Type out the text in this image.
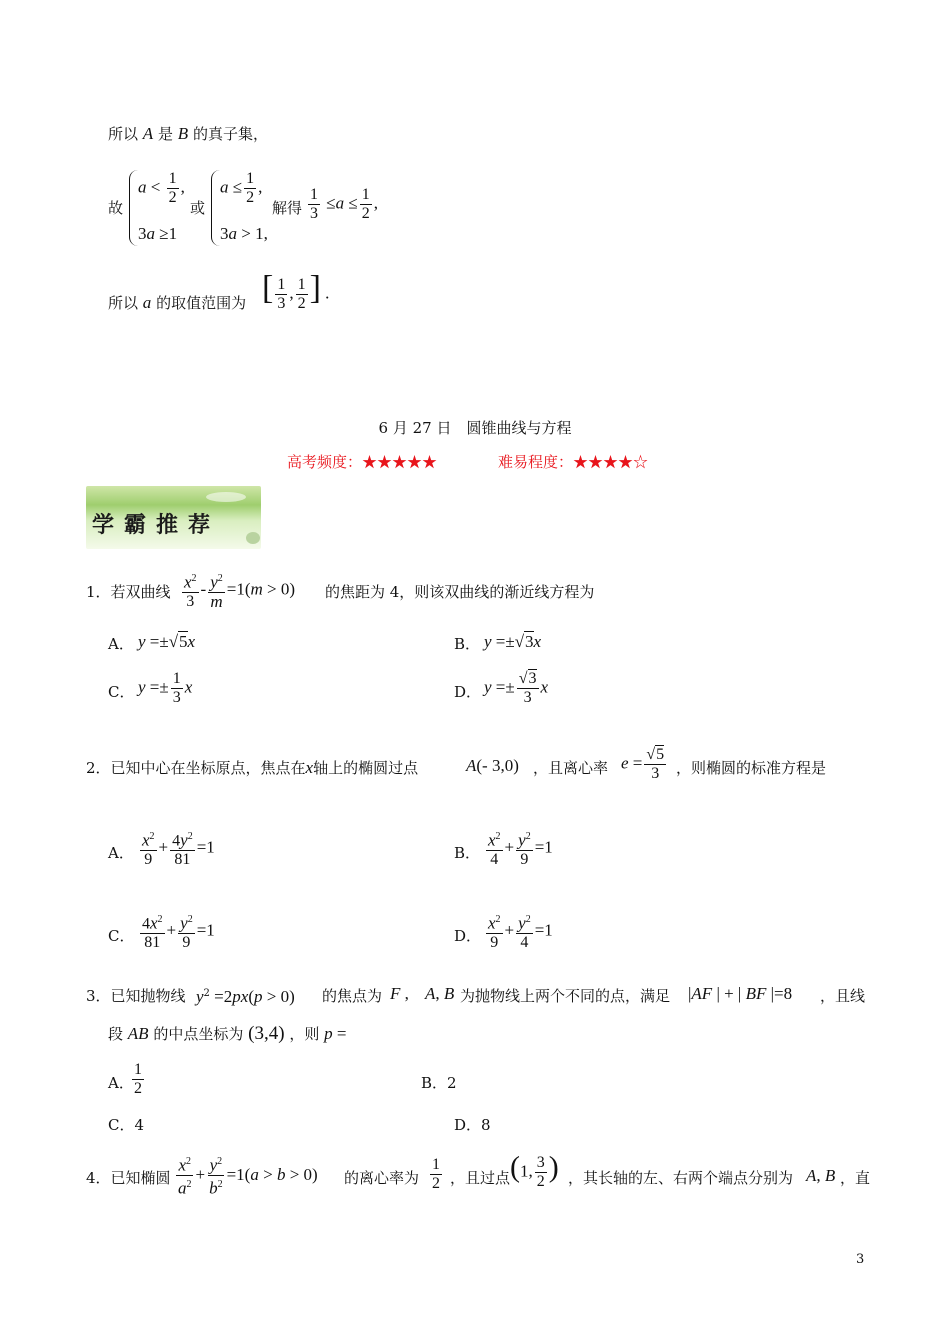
所以 A 是 B 的真子集，
故
$a < \frac{1}{2}$ ,
3a ≥1
或
$a \le \frac{1}{2}$ ,
3a > 1,
解得 $\frac{1}{3} \le a \le \frac{1}{2}$ ,
所以 a 的取值范围为 [ $\frac{1}{3}$ , $\frac{1}{2}$ ] .
6 月 27 日　圆锥曲线与方程
高考频度：★★★★★	难易程度：★★★★☆
学霸推荐
1．若双曲线 $\frac{x^2}{3} - \frac{y^2}{m} =1(m > 0)$ 的焦距为 4，则该双曲线的渐近线方程为
A． y =±√5x	B． y =±√3x
C． $y =\pm \frac{1}{3}$ x	D． $y =\pm \frac{√3}{3}$ x
2．已知中心在坐标原点，焦点在x轴上的椭圆过点	A(- 3,0) ，且离心率 $e = \frac{√5}{3}$ ，则椭圆的标准方程是
A． $\frac{x^2}{9} + \frac{4y^2}{81} =1$	B． $\frac{x^2}{4} + \frac{y^2}{9} =1$
C． $\frac{4x^2}{81} + \frac{y^2}{9} =1$	D． $\frac{x^2}{9} + \frac{y^2}{4} =1$
3．已知抛物线 $y^2 =2px(p > 0)$ 的焦点为 F , A, B 为抛物线上两个不同的点，满足 |AF | + | BF |=8 ，且线
段 AB 的中点坐标为 (3,4) ，则 p =
A．
$\frac{1}{2}$	B．2
C．4	D．8
4．已知椭圆 $\frac{x^2}{a^2} + \frac{y^2}{b^2} =1(a > b > 0)$ 的离心率为 $\frac{1}{2}$ ，且过点 (1, $\frac{3}{2}$ ) ，其长轴的左、右两个端点分别为 A, B ，直
3
